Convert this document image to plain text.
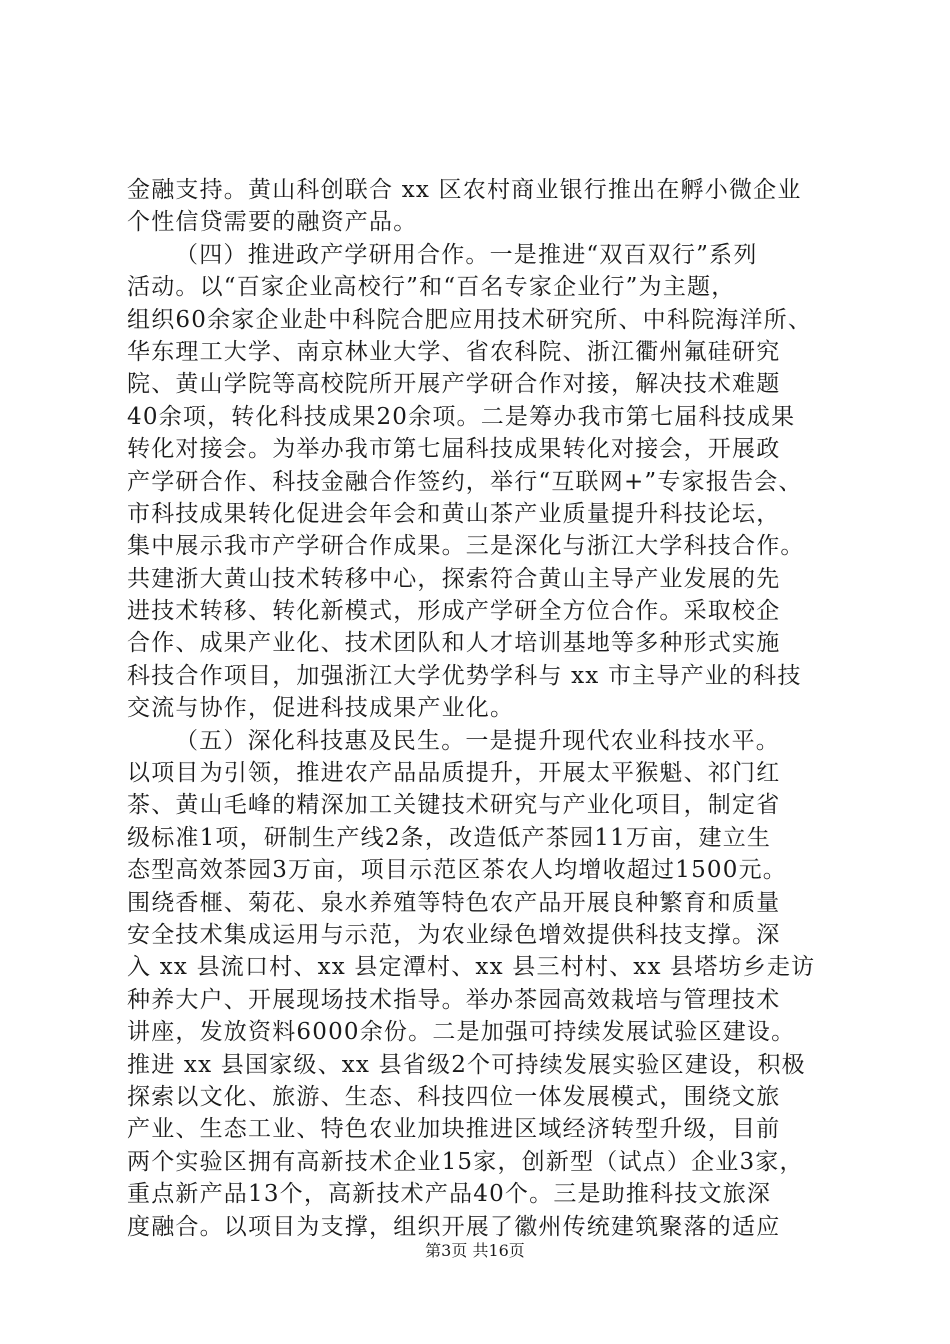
金融支持。黄山科创联合 xx 区农村商业银行推出在孵小微企业
个性信贷需要的融资产品。
（四）推进政产学研用合作。一是推进“双百双行”系列
活动。以“百家企业高校行”和“百名专家企业行”为主题，
组织60余家企业赴中科院合肥应用技术研究所、中科院海洋所、
华东理工大学、南京林业大学、省农科院、浙江衢州氟硅研究
院、黄山学院等高校院所开展产学研合作对接，解决技术难题
40余项，转化科技成果20余项。二是筹办我市第七届科技成果
转化对接会。为举办我市第七届科技成果转化对接会，开展政
产学研合作、科技金融合作签约，举行“互联网+”专家报告会、
市科技成果转化促进会年会和黄山茶产业质量提升科技论坛，
集中展示我市产学研合作成果。三是深化与浙江大学科技合作。
共建浙大黄山技术转移中心，探索符合黄山主导产业发展的先
进技术转移、转化新模式，形成产学研全方位合作。采取校企
合作、成果产业化、技术团队和人才培训基地等多种形式实施
科技合作项目，加强浙江大学优势学科与 xx 市主导产业的科技
交流与协作，促进科技成果产业化。
（五）深化科技惠及民生。一是提升现代农业科技水平。
以项目为引领，推进农产品品质提升，开展太平猴魁、祁门红
茶、黄山毛峰的精深加工关键技术研究与产业化项目，制定省
级标准1项，研制生产线2条，改造低产茶园11万亩，建立生
态型高效茶园3万亩，项目示范区茶农人均增收超过1500元。
围绕香榧、菊花、泉水养殖等特色农产品开展良种繁育和质量
安全技术集成运用与示范，为农业绿色增效提供科技支撑。深
入 xx 县流口村、xx 县定潭村、xx 县三村村、xx 县塔坊乡走访
种养大户、开展现场技术指导。举办茶园高效栽培与管理技术
讲座，发放资料6000余份。二是加强可持续发展试验区建设。
推进 xx 县国家级、xx 县省级2个可持续发展实验区建设，积极
探索以文化、旅游、生态、科技四位一体发展模式，围绕文旅
产业、生态工业、特色农业加块推进区域经济转型升级，目前
两个实验区拥有高新技术企业15家，创新型（试点）企业3家，
重点新产品13个，高新技术产品40个。三是助推科技文旅深
度融合。以项目为支撑，组织开展了徽州传统建筑聚落的适应
第3页 共16页
